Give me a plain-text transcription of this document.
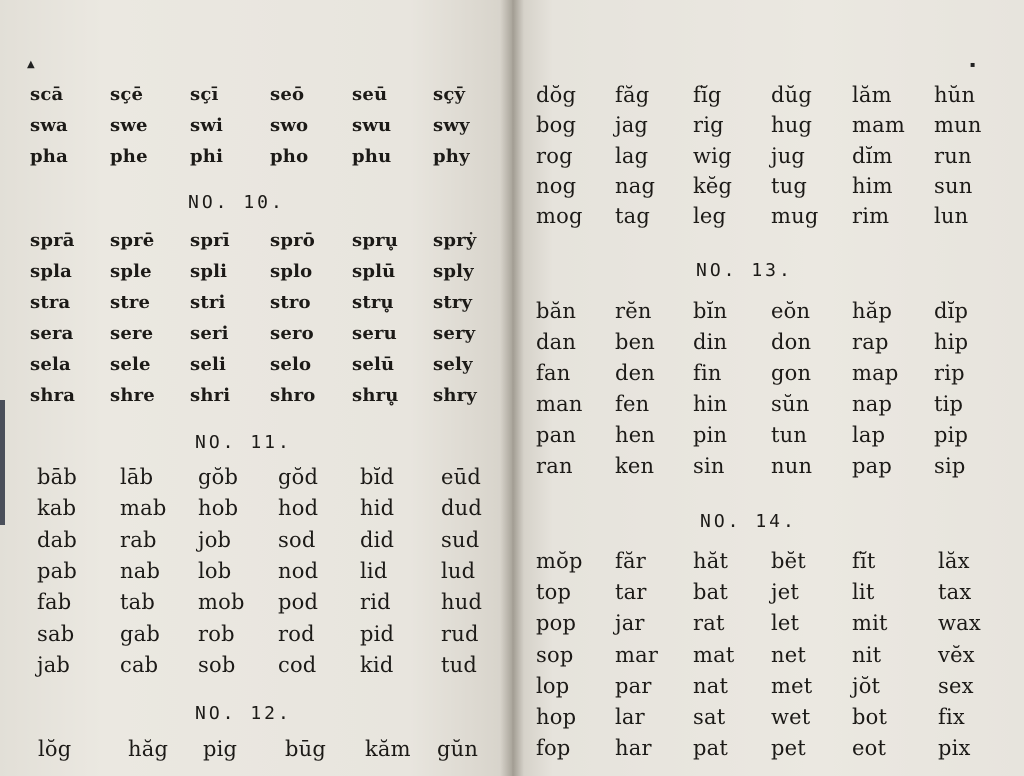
▲
scā	sçē	sçī	seō	seū	sçȳ
swa swe swi	swo swu swy
pha phe phi	pho phu phy
NO. 10.
sprā sprē sprī sprō spru̥ sprẏ
spla sple spli splo splū sply
stra stre stri stro stru̥ stry
sera sere seri sero seru sery
sela sele seli selo selū sely
shra shre shri shro shru̥ shry
NO. 11.
bāb lāb gŏb gŏd bĭd eūd
kab mab hob hod hid dud
dab rab job sod did sud
pab nab lob nod lid	lud
fab tab mob pod rid hud
sab gab rob rod pid rud
jab cab sob cod kid tud
NO. 12.
lŏg	hăg pig būg kăm gŭn
▪
dŏg făg fĭg dŭg lăm hŭn
bog jag rig hug mam mun
rog lag wig jug dĭm run
nog nag kĕg tug him sun
mog tag leg mug rim lun
NO. 13.
băn rĕn bĭn eŏn hăp dĭp
dan ben din don rap hip
fan den fin gon map rip
man fen hin sŭn nap tip
pan hen pin tun lap pip
ran ken sin nun pap sip
NO. 14.
mŏp făr hăt bĕt fĭt	lăx
top tar bat jet	lit	tax
pop jar rat let	mit wax
sop mar mat net nit	vĕx
lop par nat met jŏt	sex
hop lar sat wet bot fix
fop har pat pet eot pix
